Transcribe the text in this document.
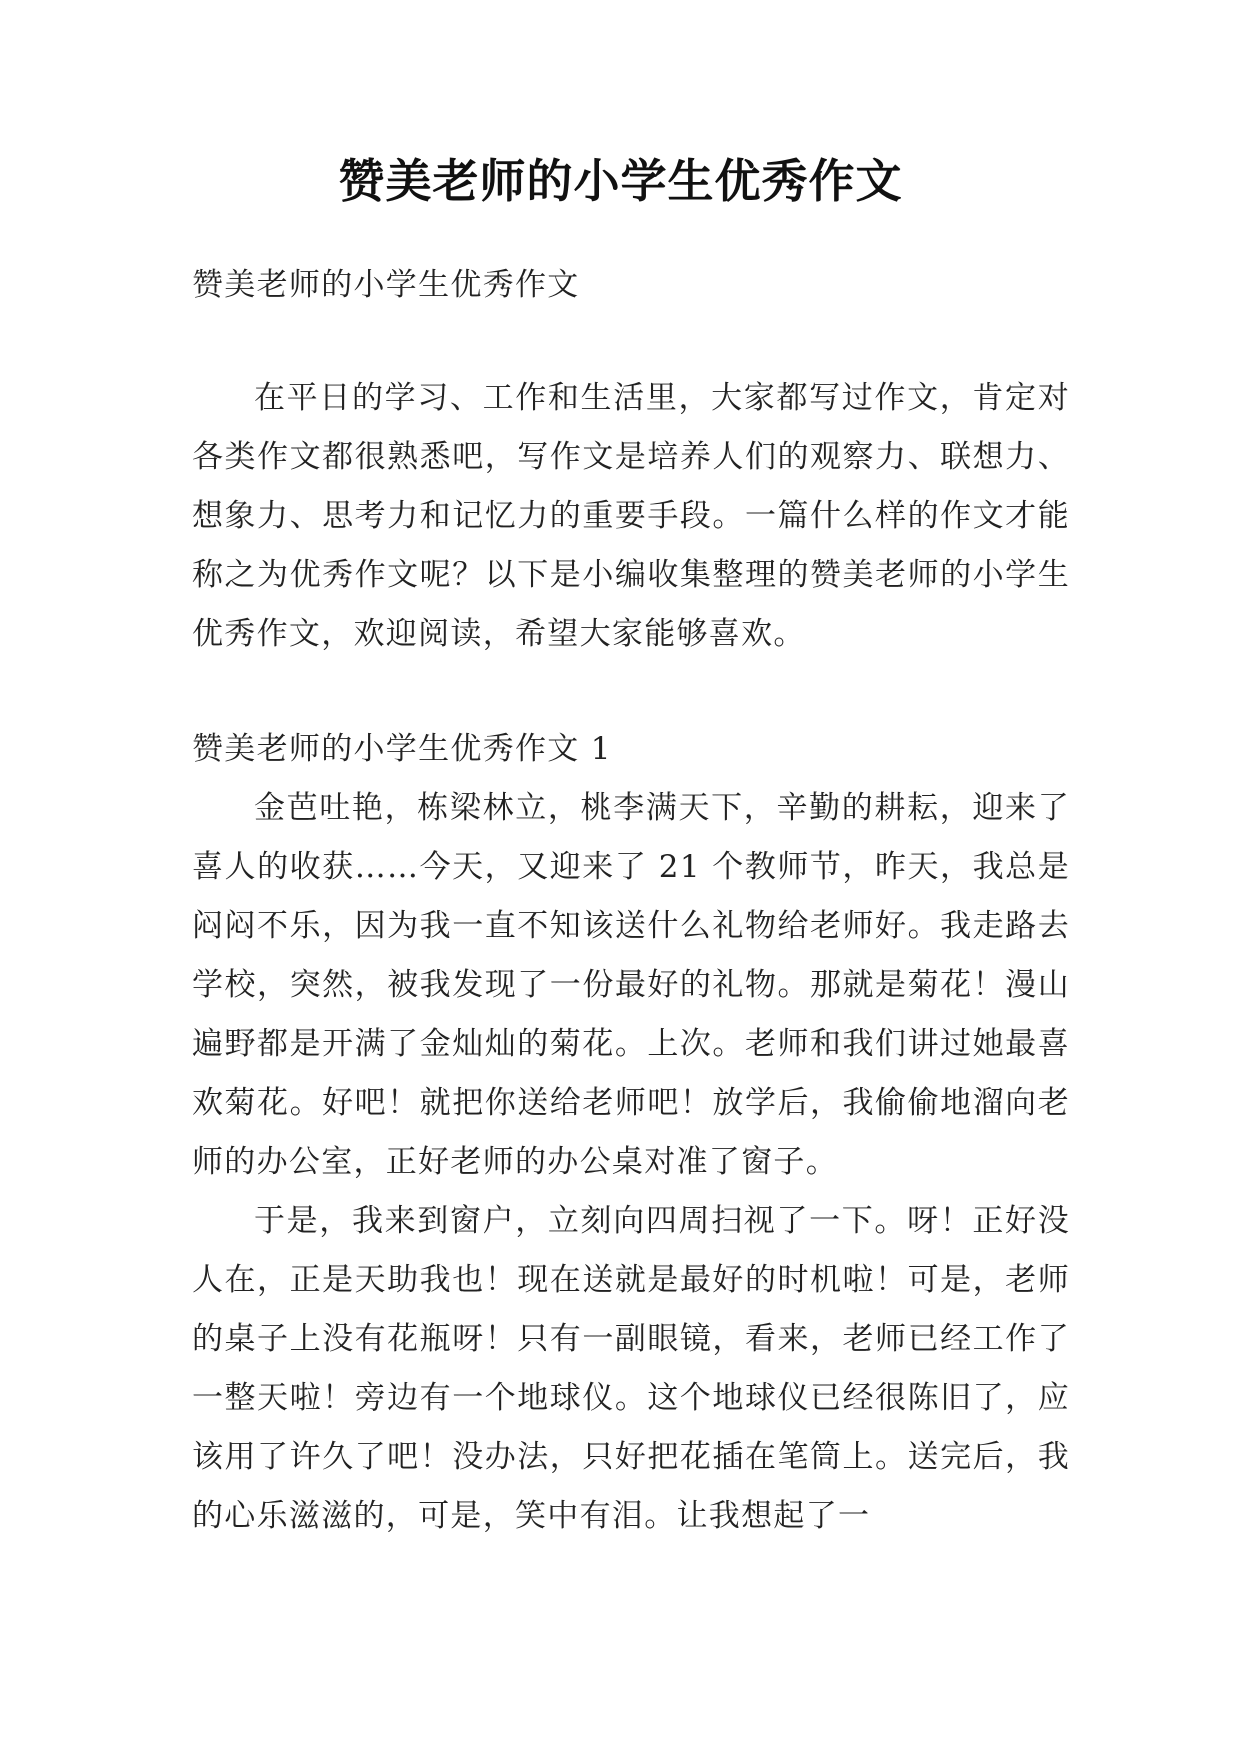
赞美老师的小学生优秀作文

赞美老师的小学生优秀作文

在平日的学习、工作和生活里，大家都写过作文，肯定对各类作文都很熟悉吧，写作文是培养人们的观察力、联想力、想象力、思考力和记忆力的重要手段。一篇什么样的作文才能称之为优秀作文呢？以下是小编收集整理的赞美老师的小学生优秀作文，欢迎阅读，希望大家能够喜欢。

赞美老师的小学生优秀作文 1

金芭吐艳，栋梁林立，桃李满天下，辛勤的耕耘，迎来了喜人的收获……今天，又迎来了 21 个教师节，昨天，我总是闷闷不乐，因为我一直不知该送什么礼物给老师好。我走路去学校，突然，被我发现了一份最好的礼物。那就是菊花！漫山遍野都是开满了金灿灿的菊花。上次。老师和我们讲过她最喜欢菊花。好吧！就把你送给老师吧！放学后，我偷偷地溜向老师的办公室，正好老师的办公桌对准了窗子。

于是，我来到窗户，立刻向四周扫视了一下。呀！正好没人在，正是天助我也！现在送就是最好的时机啦！可是，老师的桌子上没有花瓶呀！只有一副眼镜，看来，老师已经工作了一整天啦！旁边有一个地球仪。这个地球仪已经很陈旧了，应该用了许久了吧！没办法，只好把花插在笔筒上。送完后，我的心乐滋滋的，可是，笑中有泪。让我想起了一
